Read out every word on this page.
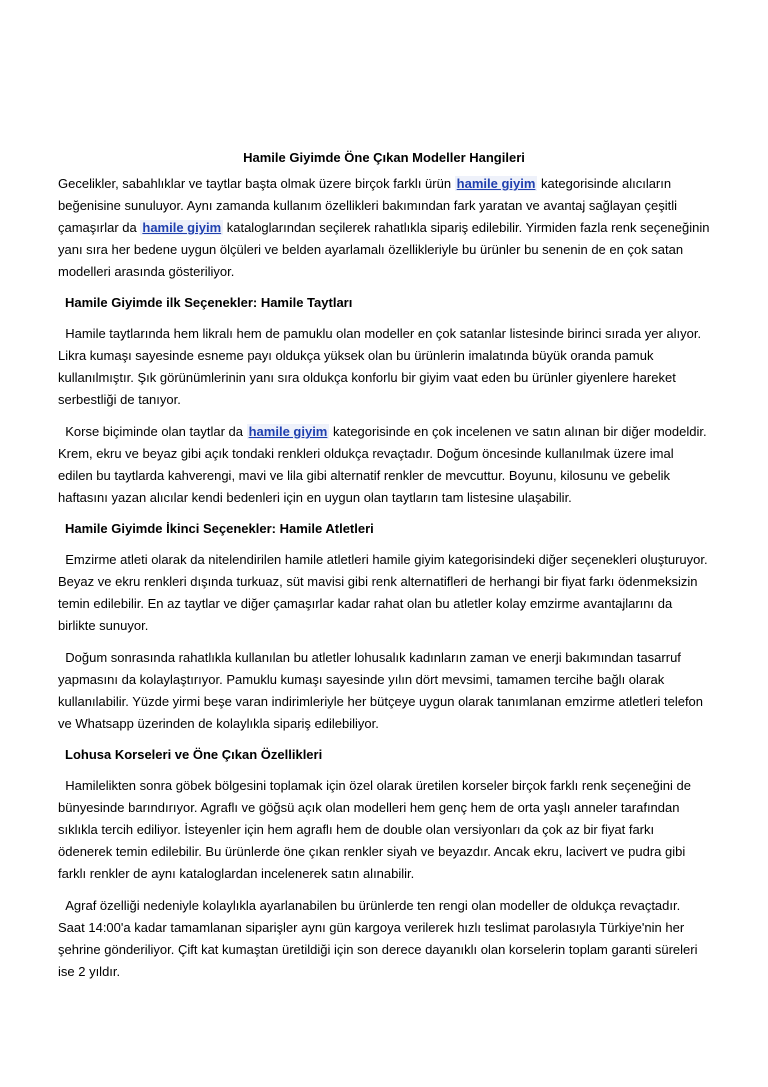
Hamile Giyimde Öne Çıkan Modeller Hangileri

Gecelikler, sabahlıklar ve taytlar başta olmak üzere birçok farklı ürün hamile giyim kategorisinde alıcıların beğenisine sunuluyor. Aynı zamanda kullanım özellikleri bakımından fark yaratan ve avantaj sağlayan çeşitli çamaşırlar da hamile giyim kataloglarından seçilerek rahatlıkla sipariş edilebilir. Yirmiden fazla renk seçeneğinin yanı sıra her bedene uygun ölçüleri ve belden ayarlamalı özellikleriyle bu ürünler bu senenin de en çok satan modelleri arasında gösteriliyor.

Hamile Giyimde ilk Seçenekler: Hamile Taytları

Hamile taytlarında hem likralı hem de pamuklu olan modeller en çok satanlar listesinde birinci sırada yer alıyor. Likra kumaşı sayesinde esneme payı oldukça yüksek olan bu ürünlerin imalatında büyük oranda pamuk kullanılmıştır. Şık görünümlerinin yanı sıra oldukça konforlu bir giyim vaat eden bu ürünler giyenlere hareket serbestliği de tanıyor.

Korse biçiminde olan taytlar da hamile giyim kategorisinde en çok incelenen ve satın alınan bir diğer modeldir. Krem, ekru ve beyaz gibi açık tondaki renkleri oldukça revaçtadır. Doğum öncesinde kullanılmak üzere imal edilen bu taytlarda kahverengi, mavi ve lila gibi alternatif renkler de mevcuttur. Boyunu, kilosunu ve gebelik haftasını yazan alıcılar kendi bedenleri için en uygun olan taytların tam listesine ulaşabilir.

Hamile Giyimde İkinci Seçenekler: Hamile Atletleri

Emzirme atleti olarak da nitelendirilen hamile atletleri hamile giyim kategorisindeki diğer seçenekleri oluşturuyor. Beyaz ve ekru renkleri dışında turkuaz, süt mavisi gibi renk alternatifleri de herhangi bir fiyat farkı ödenmeksizin temin edilebilir. En az taytlar ve diğer çamaşırlar kadar rahat olan bu atletler kolay emzirme avantajlarını da birlikte sunuyor.

Doğum sonrasında rahatlıkla kullanılan bu atletler lohusalık kadınların zaman ve enerji bakımından tasarruf yapmasını da kolaylaştırıyor. Pamuklu kumaşı sayesinde yılın dört mevsimi, tamamen tercihe bağlı olarak kullanılabilir. Yüzde yirmi beşe varan indirimleriyle her bütçeye uygun olarak tanımlanan emzirme atletleri telefon ve Whatsapp üzerinden de kolaylıkla sipariş edilebiliyor.

Lohusa Korseleri ve Öne Çıkan Özellikleri

Hamilelikten sonra göbek bölgesini toplamak için özel olarak üretilen korseler birçok farklı renk seçeneğini de bünyesinde barındırıyor. Agraflı ve göğsü açık olan modelleri hem genç hem de orta yaşlı anneler tarafından sıklıkla tercih ediliyor. İsteyenler için hem agraflı hem de double olan versiyonları da çok az bir fiyat farkı ödenerek temin edilebilir. Bu ürünlerde öne çıkan renkler siyah ve beyazdır. Ancak ekru, lacivert ve pudra gibi farklı renkler de aynı kataloglardan incelenerek satın alınabilir.

Agraf özelliği nedeniyle kolaylıkla ayarlanabilen bu ürünlerde ten rengi olan modeller de oldukça revaçtadır. Saat 14:00'a kadar tamamlanan siparişler aynı gün kargoya verilerek hızlı teslimat parolasıyla Türkiye'nin her şehrine gönderiliyor. Çift kat kumaştan üretildiği için son derece dayanıklı olan korselerin toplam garanti süreleri ise 2 yıldır.
